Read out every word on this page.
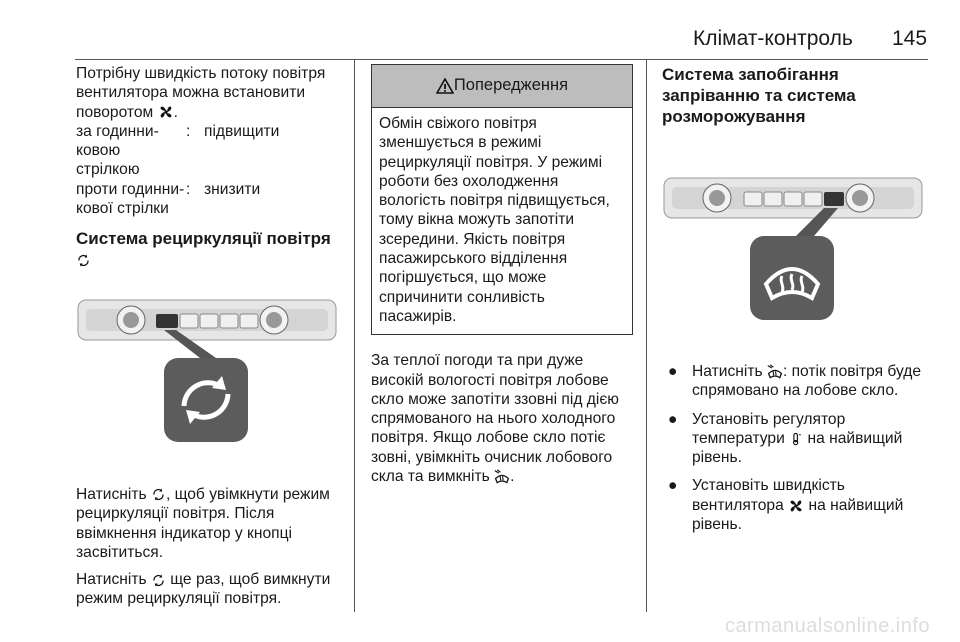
Клімат-контроль 145

Потрібну швидкість потоку повітря вентилятора можна встановити поворотом .

за годинни- ковою стрілкою
: підвищити
проти годинни- кової стрілки
: знизити

Система рециркуляції повітря

Натисніть , щоб увімкнути режим рециркуляції повітря. Після ввімкнення індикатор у кнопці засвітиться.

Натисніть ще раз, щоб вимкнути режим рециркуляції повітря.

Попередження
Обмін свіжого повітря зменшується в режимі рециркуляції повітря. У режимі роботи без охолодження вологість повітря підвищується, тому вікна можуть запотіти зсередини. Якість повітря пасажирського відділення погіршується, що може спричинити сонливість пасажирів.

За теплої погоди та при дуже високій вологості повітря лобове скло може запотіти ззовні під дією спрямованого на нього холодного повітря. Якщо лобове скло потіє зовні, увімкніть очисник лобового скла та вимкніть .

Система запобігання запріванню та система розморожування

● Натисніть : потік повітря буде спрямовано на лобове скло.
● Установіть регулятор температури на найвищий рівень.
● Установіть швидкість вентилятора на найвищий рівень.
carmanualsonline.info
